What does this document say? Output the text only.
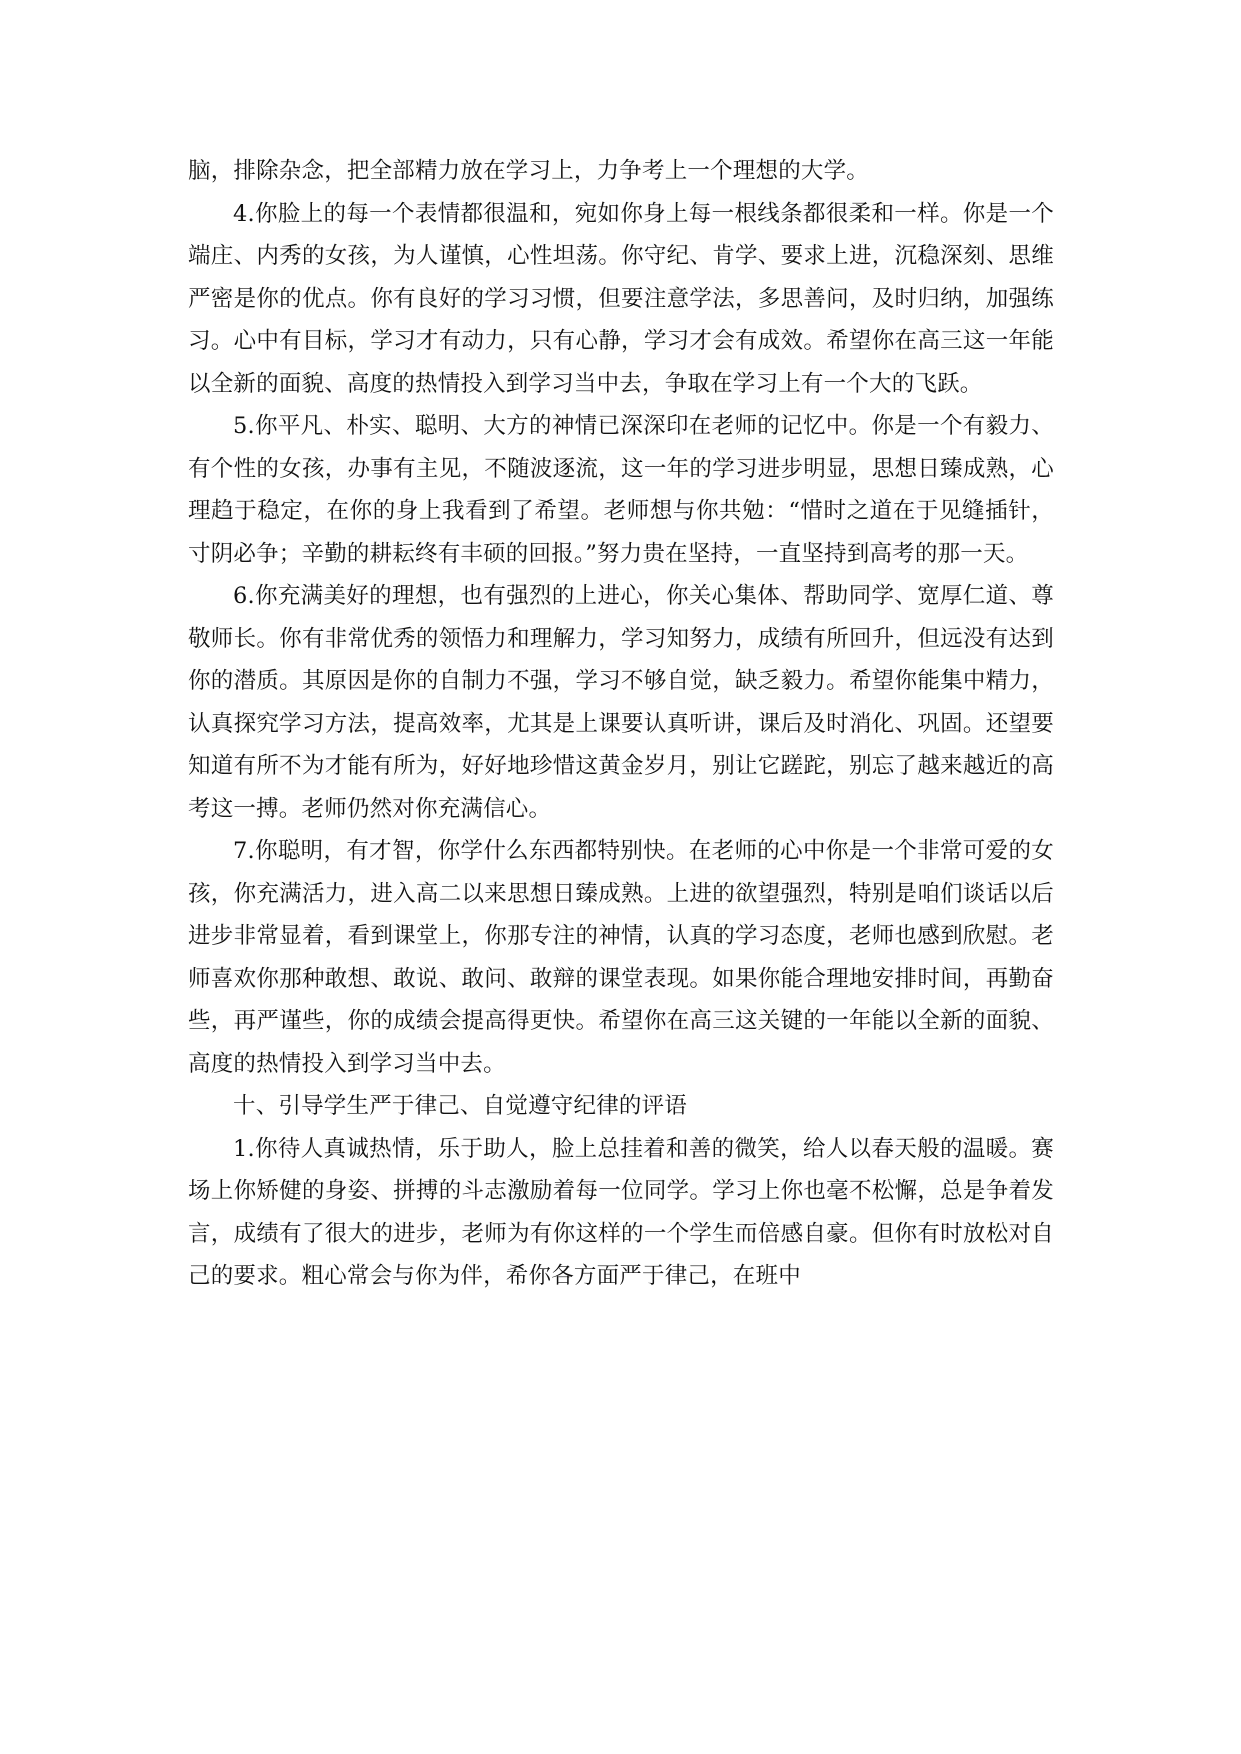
脑，排除杂念，把全部精力放在学习上，力争考上一个理想的大学。

4.你脸上的每一个表情都很温和，宛如你身上每一根线条都很柔和一样。你是一个端庄、内秀的女孩，为人谨慎，心性坦荡。你守纪、肯学、要求上进，沉稳深刻、思维严密是你的优点。你有良好的学习习惯，但要注意学法，多思善问，及时归纳，加强练习。心中有目标，学习才有动力，只有心静，学习才会有成效。希望你在高三这一年能以全新的面貌、高度的热情投入到学习当中去，争取在学习上有一个大的飞跃。

5.你平凡、朴实、聪明、大方的神情已深深印在老师的记忆中。你是一个有毅力、有个性的女孩，办事有主见，不随波逐流，这一年的学习进步明显，思想日臻成熟，心理趋于稳定，在你的身上我看到了希望。老师想与你共勉：“惜时之道在于见缝插针，寸阴必争；辛勤的耕耘终有丰硕的回报。”努力贵在坚持，一直坚持到高考的那一天。

6.你充满美好的理想，也有强烈的上进心，你关心集体、帮助同学、宽厚仁道、尊敬师长。你有非常优秀的领悟力和理解力，学习知努力，成绩有所回升，但远没有达到你的潜质。其原因是你的自制力不强，学习不够自觉，缺乏毅力。希望你能集中精力，认真探究学习方法，提高效率，尤其是上课要认真听讲，课后及时消化、巩固。还望要知道有所不为才能有所为，好好地珍惜这黄金岁月，别让它蹉跎，别忘了越来越近的高考这一搏。老师仍然对你充满信心。

7.你聪明，有才智，你学什么东西都特别快。在老师的心中你是一个非常可爱的女孩，你充满活力，进入高二以来思想日臻成熟。上进的欲望强烈，特别是咱们谈话以后进步非常显着，看到课堂上，你那专注的神情，认真的学习态度，老师也感到欣慰。老师喜欢你那种敢想、敢说、敢问、敢辩的课堂表现。如果你能合理地安排时间，再勤奋些，再严谨些，你的成绩会提高得更快。希望你在高三这关键的一年能以全新的面貌、高度的热情投入到学习当中去。

十、引导学生严于律己、自觉遵守纪律的评语

1.你待人真诚热情，乐于助人，脸上总挂着和善的微笑，给人以春天般的温暖。赛场上你矫健的身姿、拼搏的斗志激励着每一位同学。学习上你也毫不松懈，总是争着发言，成绩有了很大的进步，老师为有你这样的一个学生而倍感自豪。但你有时放松对自己的要求。粗心常会与你为伴，希你各方面严于律己，在班中
